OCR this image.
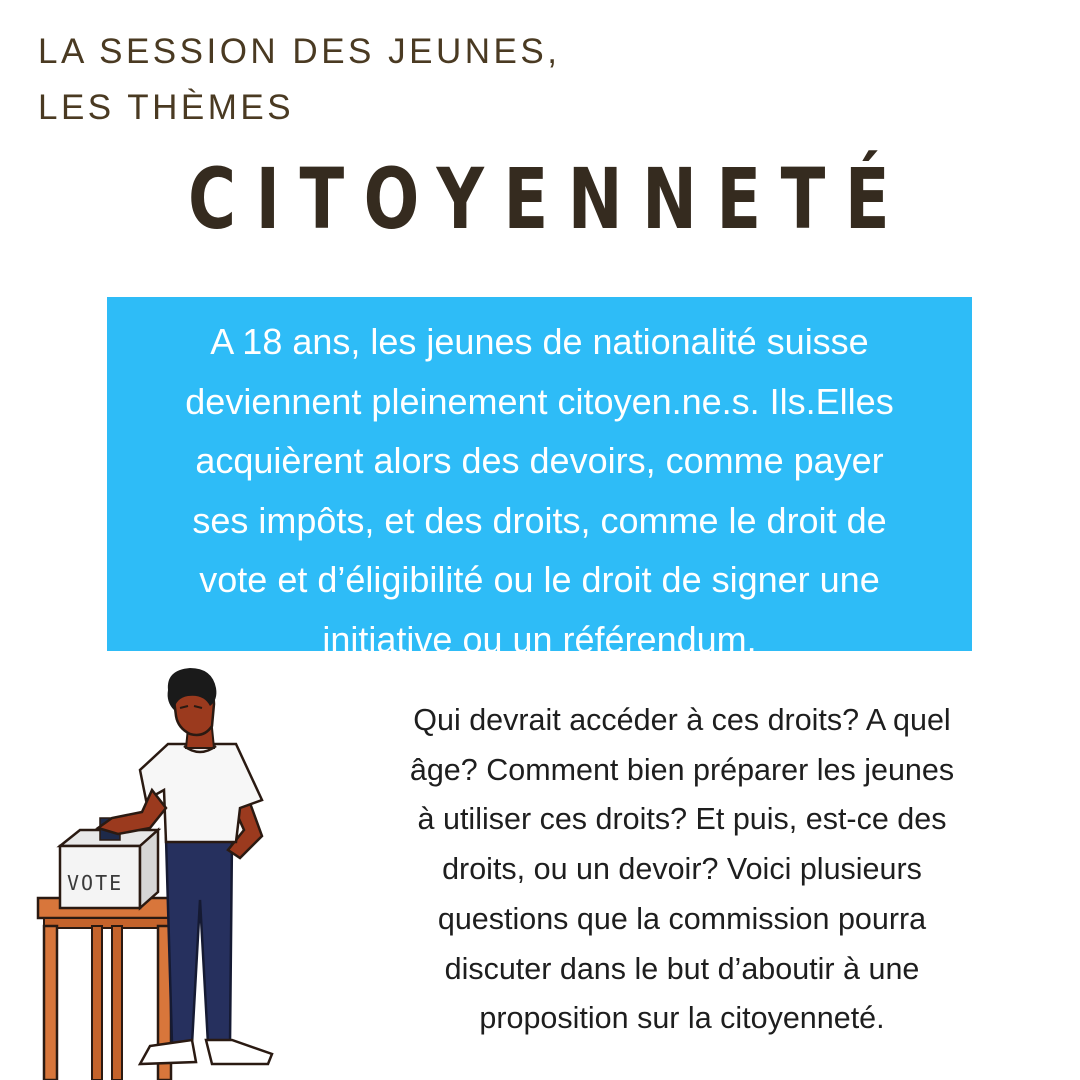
LA SESSION DES JEUNES,
LES THÈMES
CITOYENNETÉ
A 18 ans, les jeunes de nationalité suisse
deviennent pleinement citoyen.ne.s. Ils.Elles
acquièrent alors des devoirs, comme payer
ses impôts, et des droits, comme le droit de
vote et d’éligibilité ou le droit de signer une
initiative ou un référendum.
Qui devrait accéder à ces droits? A quel
âge? Comment bien préparer les jeunes
à utiliser ces droits? Et puis, est-ce des
droits, ou un devoir? Voici plusieurs
questions que la commission pourra
discuter dans le but d’aboutir à une
proposition sur la citoyenneté.
VOTE
